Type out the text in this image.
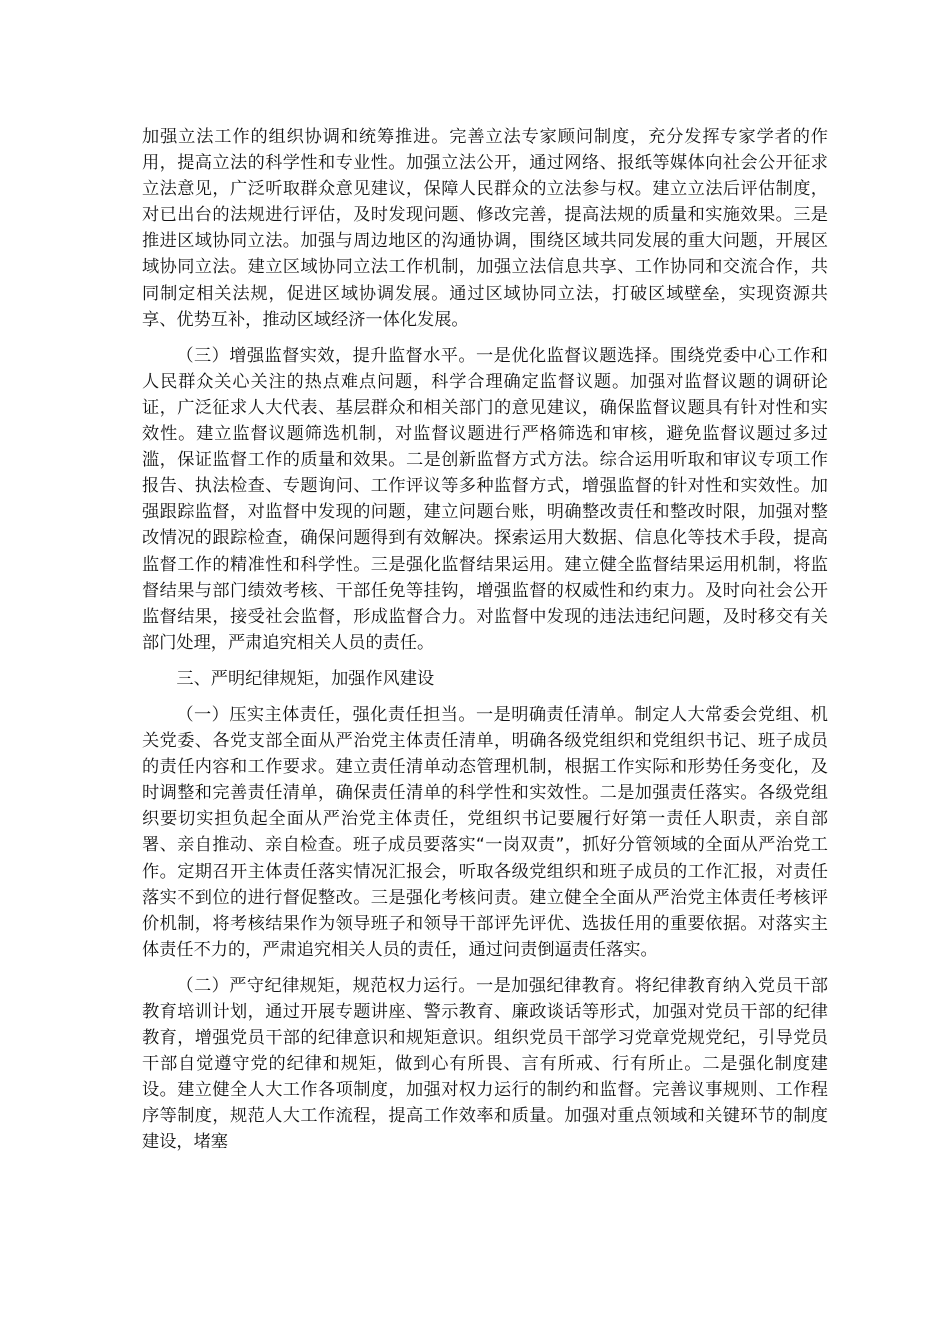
加强立法工作的组织协调和统筹推进。完善立法专家顾问制度，充分发挥专家学者的作用，提高立法的科学性和专业性。加强立法公开，通过网络、报纸等媒体向社会公开征求立法意见，广泛听取群众意见建议，保障人民群众的立法参与权。建立立法后评估制度，对已出台的法规进行评估，及时发现问题、修改完善，提高法规的质量和实施效果。三是推进区域协同立法。加强与周边地区的沟通协调，围绕区域共同发展的重大问题，开展区域协同立法。建立区域协同立法工作机制，加强立法信息共享、工作协同和交流合作，共同制定相关法规，促进区域协调发展。通过区域协同立法，打破区域壁垒，实现资源共享、优势互补，推动区域经济一体化发展。

（三）增强监督实效，提升监督水平。一是优化监督议题选择。围绕党委中心工作和人民群众关心关注的热点难点问题，科学合理确定监督议题。加强对监督议题的调研论证，广泛征求人大代表、基层群众和相关部门的意见建议，确保监督议题具有针对性和实效性。建立监督议题筛选机制，对监督议题进行严格筛选和审核，避免监督议题过多过滥，保证监督工作的质量和效果。二是创新监督方式方法。综合运用听取和审议专项工作报告、执法检查、专题询问、工作评议等多种监督方式，增强监督的针对性和实效性。加强跟踪监督，对监督中发现的问题，建立问题台账，明确整改责任和整改时限，加强对整改情况的跟踪检查，确保问题得到有效解决。探索运用大数据、信息化等技术手段，提高监督工作的精准性和科学性。三是强化监督结果运用。建立健全监督结果运用机制，将监督结果与部门绩效考核、干部任免等挂钩，增强监督的权威性和约束力。及时向社会公开监督结果，接受社会监督，形成监督合力。对监督中发现的违法违纪问题，及时移交有关部门处理，严肃追究相关人员的责任。

三、严明纪律规矩，加强作风建设

（一）压实主体责任，强化责任担当。一是明确责任清单。制定人大常委会党组、机关党委、各党支部全面从严治党主体责任清单，明确各级党组织和党组织书记、班子成员的责任内容和工作要求。建立责任清单动态管理机制，根据工作实际和形势任务变化，及时调整和完善责任清单，确保责任清单的科学性和实效性。二是加强责任落实。各级党组织要切实担负起全面从严治党主体责任，党组织书记要履行好第一责任人职责，亲自部署、亲自推动、亲自检查。班子成员要落实“一岗双责”，抓好分管领域的全面从严治党工作。定期召开主体责任落实情况汇报会，听取各级党组织和班子成员的工作汇报，对责任落实不到位的进行督促整改。三是强化考核问责。建立健全全面从严治党主体责任考核评价机制，将考核结果作为领导班子和领导干部评先评优、选拔任用的重要依据。对落实主体责任不力的，严肃追究相关人员的责任，通过问责倒逼责任落实。

（二）严守纪律规矩，规范权力运行。一是加强纪律教育。将纪律教育纳入党员干部教育培训计划，通过开展专题讲座、警示教育、廉政谈话等形式，加强对党员干部的纪律教育，增强党员干部的纪律意识和规矩意识。组织党员干部学习党章党规党纪，引导党员干部自觉遵守党的纪律和规矩，做到心有所畏、言有所戒、行有所止。二是强化制度建设。建立健全人大工作各项制度，加强对权力运行的制约和监督。完善议事规则、工作程序等制度，规范人大工作流程，提高工作效率和质量。加强对重点领域和关键环节的制度建设，堵塞
